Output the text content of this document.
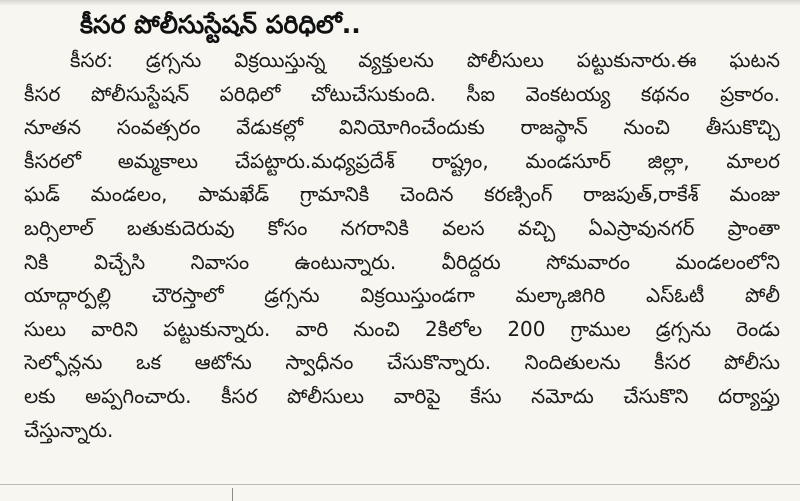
కీసర పోలీసుస్టేషన్ పరిధిలో..
కీసర: డ్రగ్సను విక్రయిస్తున్న వ్యక్తులను పోలీసులు పట్టుకునారు.ఈ ఘటన
కీసర పోలీసుస్టేషన్ పరిధిలో చోటుచేసుకుంది. సీఐ వెంకటయ్య కథనం ప్రకారం.
నూతన సంవత్సరం వేడుకల్లో వినియోగించేందుకు రాజస్థాన్ నుంచి తీసుకొచ్చి
కీసరలో అమ్మకాలు చేపట్టారు.మధ్యప్రదేశ్ రాష్ట్రం, మండసూర్ జిల్లా, మాలర
ఘడ్ మండలం, పామఖేడ్ గ్రామానికి చెందిన కరణ్సింగ్ రాజపుత్,రాకేశ్ మంజు
బర్సిలాల్ బతుకుదెరువు కోసం నగరానికి వలస వచ్చి ఏఎస్రావునగర్ ప్రాంతా
నికి విచ్చేసి నివాసం ఉంటున్నారు. వీరిద్దరు సోమవారం మండలంలోని
యాద్గార్పల్లి చౌరస్తాలో డ్రగ్సను విక్రయిస్తుండగా మల్కాజిగిరి ఎస్ఓటీ పోలీ
సులు వారిని పట్టుకున్నారు. వారి నుంచి 2కిలోల 200 గ్రాముల డ్రగ్సను రెండు
సెల్ఫోన్లను ఒక ఆటోను స్వాధీనం చేసుకొన్నారు. నిందితులను కీసర పోలీసు
లకు అప్పగించారు. కీసర పోలీసులు వారిపై కేసు నమోదు చేసుకొని దర్యాప్తు
చేస్తున్నారు.
